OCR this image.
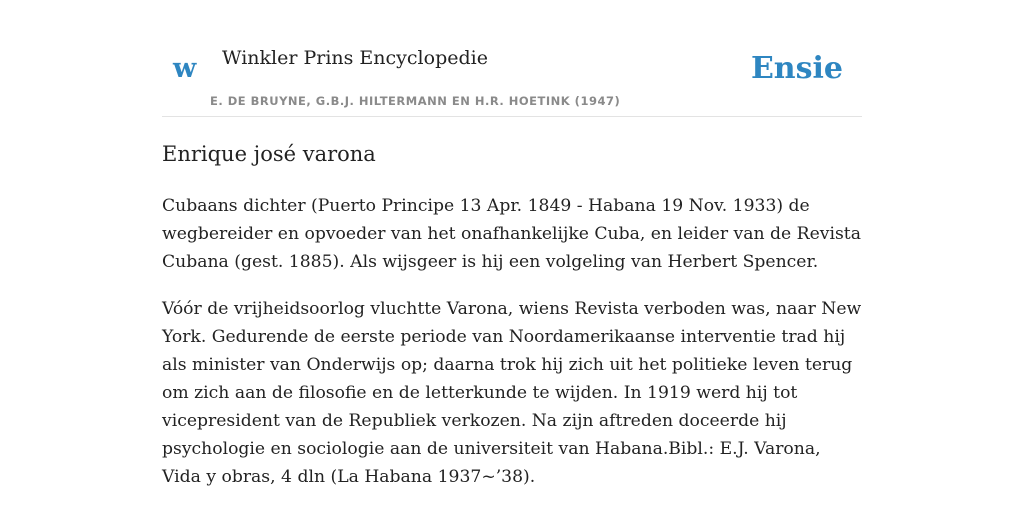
w Winkler Prins Encyclopedie
E. DE BRUYNE, G.B.J. HILTERMANN EN H.R. HOETINK (1947)
Ensie
Enrique josé varona

Cubaans dichter (Puerto Principe 13 Apr. 1849 - Habana 19 Nov. 1933) de wegbereider en opvoeder van het onafhankelijke Cuba, en leider van de Revista Cubana (gest. 1885). Als wijsgeer is hij een volgeling van Herbert Spencer.

Vóór de vrijheidsoorlog vluchtte Varona, wiens Revista verboden was, naar New York. Gedurende de eerste periode van Noordamerikaanse interventie trad hij als minister van Onderwijs op; daarna trok hij zich uit het politieke leven terug om zich aan de filosofie en de letterkunde te wijden. In 1919 werd hij tot vicepresident van de Republiek verkozen. Na zijn aftreden doceerde hij psychologie en sociologie aan de universiteit van Habana.Bibl.: E.J. Varona, Vida y obras, 4 dln (La Habana 1937~’38).
